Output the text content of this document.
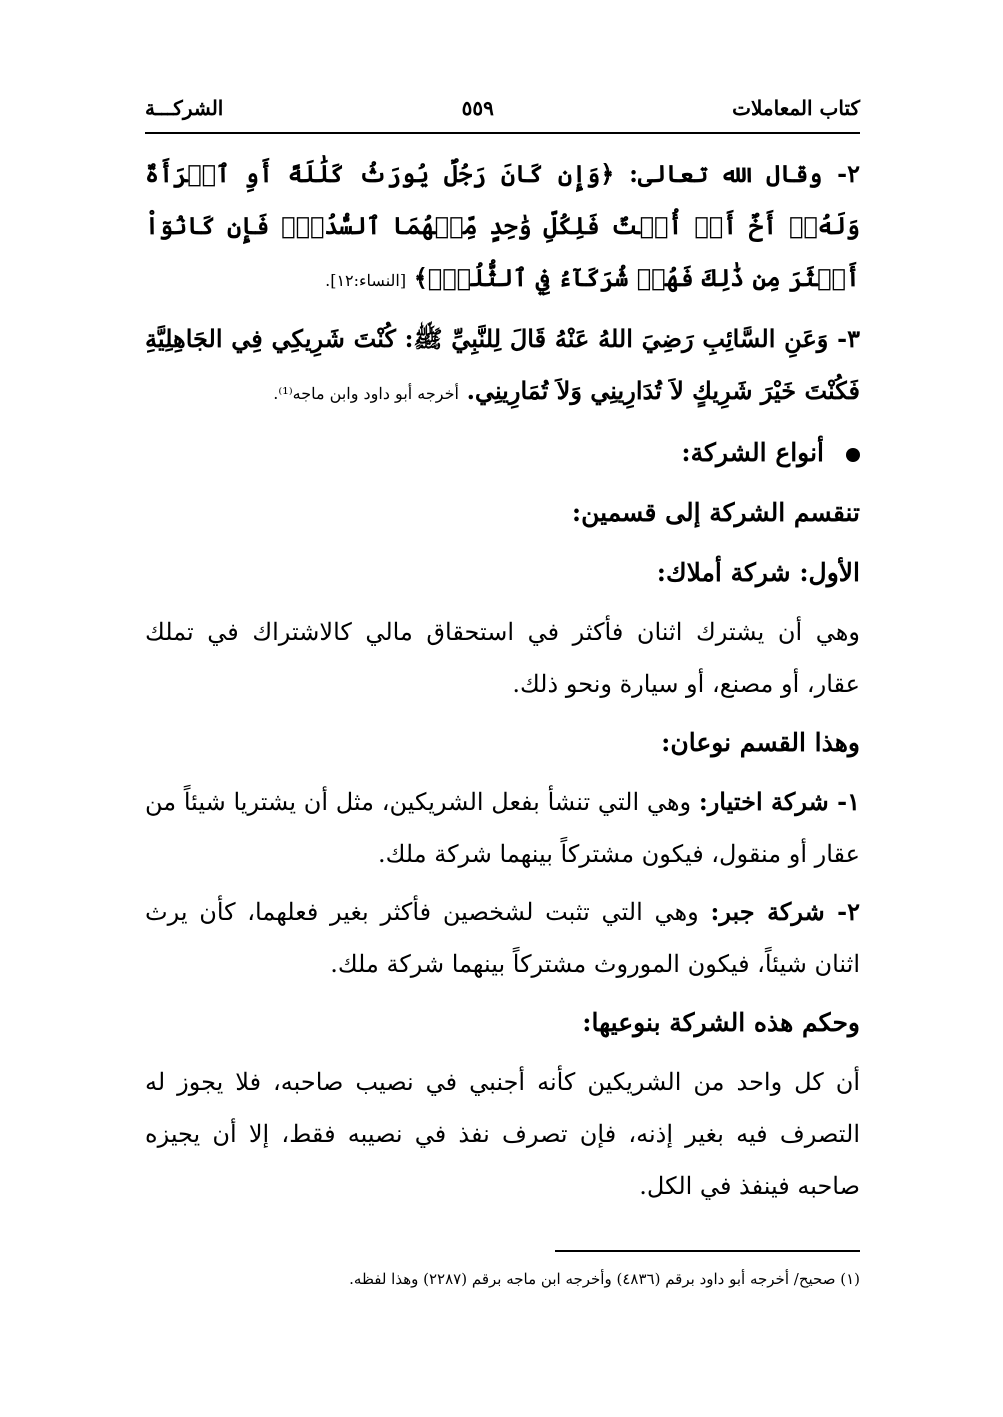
كتاب المعاملات
٥٥٩
الشركـــة

٢- وقال الله تعالى: ﴿وَإِن كَانَ رَجُلٌ يُورَثُ كَلَٰلَةً أَوِ ٱمۡرَأَةٌ وَلَهُۥٓ أَخٌ أَوۡ أُخۡتٌ فَلِكُلِّ وَٰحِدٍ مِّنۡهُمَا ٱلسُّدُسُۚ فَإِن كَانُوٓاْ أَكۡثَرَ مِن ذَٰلِكَ فَهُمۡ شُرَكَآءُ فِي ٱلثُّلُثِۚ﴾ [النساء:١٢].

٣- وَعَنِ السَّائِبِ رَضِيَ اللهُ عَنْهُ قَالَ لِلنَّبِيِّ ﷺ: كُنْتَ شَرِيكِي فِي الجَاهِلِيَّةِ فَكُنْتَ خَيْرَ شَرِيكٍ لاَ تُدَارِينِي وَلاَ تُمَارِينِي. أخرجه أبو داود وابن ماجه⁽¹⁾.

أنواع الشركة:
تنقسم الشركة إلى قسمين:
الأول: شركة أملاك:

وهي أن يشترك اثنان فأكثر في استحقاق مالي كالاشتراك في تملك عقار، أو مصنع، أو سيارة ونحو ذلك.

وهذا القسم نوعان:

١- شركة اختيار: وهي التي تنشأ بفعل الشريكين، مثل أن يشتريا شيئاً من عقار أو منقول، فيكون مشتركاً بينهما شركة ملك.

٢- شركة جبر: وهي التي تثبت لشخصين فأكثر بغير فعلهما، كأن يرث اثنان شيئاً، فيكون الموروث مشتركاً بينهما شركة ملك.

وحكم هذه الشركة بنوعيها:

أن كل واحد من الشريكين كأنه أجنبي في نصيب صاحبه، فلا يجوز له التصرف فيه بغير إذنه، فإن تصرف نفذ في نصيبه فقط، إلا أن يجيزه صاحبه فينفذ في الكل.

(١) صحيح/ أخرجه أبو داود برقم (٤٨٣٦) وأخرجه ابن ماجه برقم (٢٢٨٧) وهذا لفظه.
